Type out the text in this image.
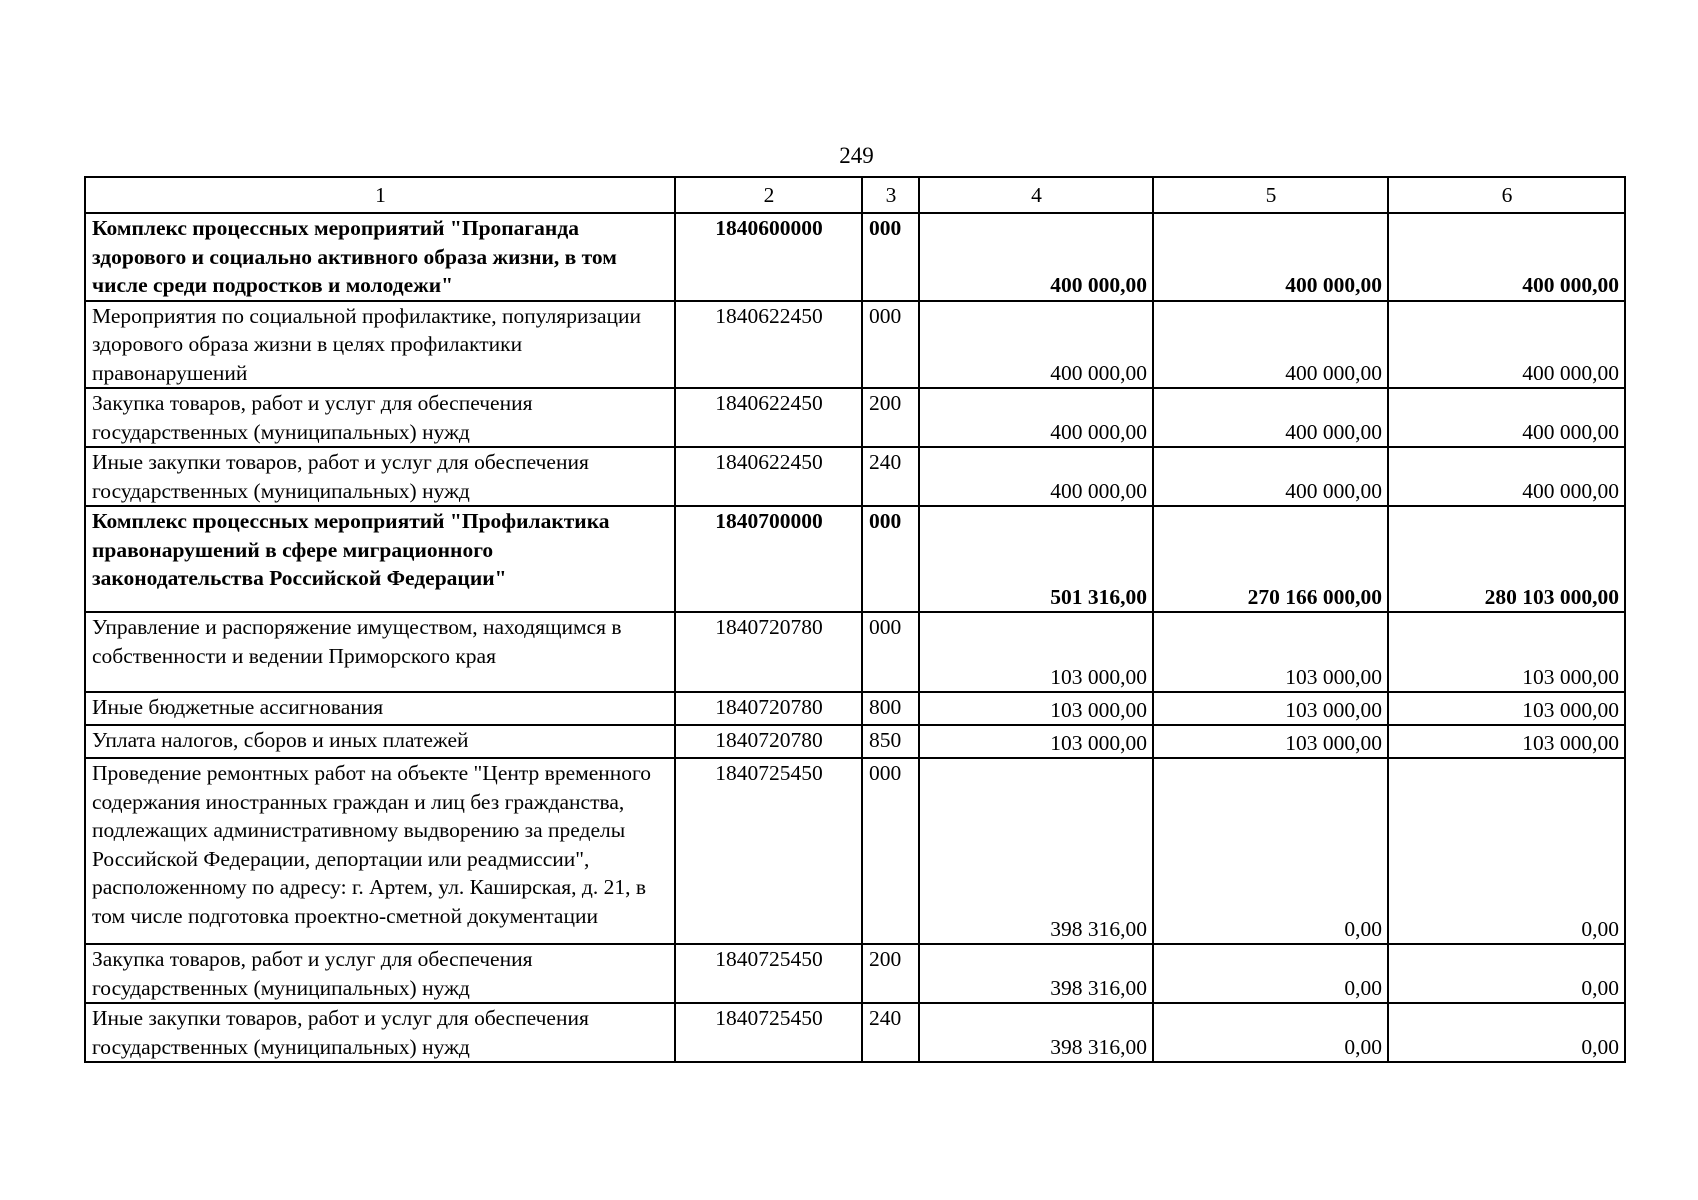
249
1	2	3	4	5	6
Комплекс процессных мероприятий "Пропаганда здорового и социально активного образа жизни, в том числе среди подростков и молодежи"	1840600000	000	400 000,00	400 000,00	400 000,00
Мероприятия по социальной профилактике, популяризации здорового образа жизни в целях профилактики правонарушений	1840622450	000	400 000,00	400 000,00	400 000,00
Закупка товаров, работ и услуг для обеспечения государственных (муниципальных) нужд	1840622450	200	400 000,00	400 000,00	400 000,00
Иные закупки товаров, работ и услуг для обеспечения государственных (муниципальных) нужд	1840622450	240	400 000,00	400 000,00	400 000,00
Комплекс процессных мероприятий "Профилактика правонарушений в сфере миграционного законодательства Российской Федерации"	1840700000	000	501 316,00	270 166 000,00	280 103 000,00
Управление и распоряжение имуществом, находящимся в собственности и ведении Приморского края	1840720780	000	103 000,00	103 000,00	103 000,00
Иные бюджетные ассигнования	1840720780	800	103 000,00	103 000,00	103 000,00
Уплата налогов, сборов и иных платежей	1840720780	850	103 000,00	103 000,00	103 000,00
Проведение ремонтных работ на объекте "Центр временного содержания иностранных граждан и лиц без гражданства, подлежащих административному выдворению за пределы Российской Федерации, депортации или реадмиссии", расположенному по адресу: г. Артем, ул. Каширская, д. 21, в том числе подготовка проектно-сметной документации	1840725450	000	398 316,00	0,00	0,00
Закупка товаров, работ и услуг для обеспечения государственных (муниципальных) нужд	1840725450	200	398 316,00	0,00	0,00
Иные закупки товаров, работ и услуг для обеспечения государственных (муниципальных) нужд	1840725450	240	398 316,00	0,00	0,00
